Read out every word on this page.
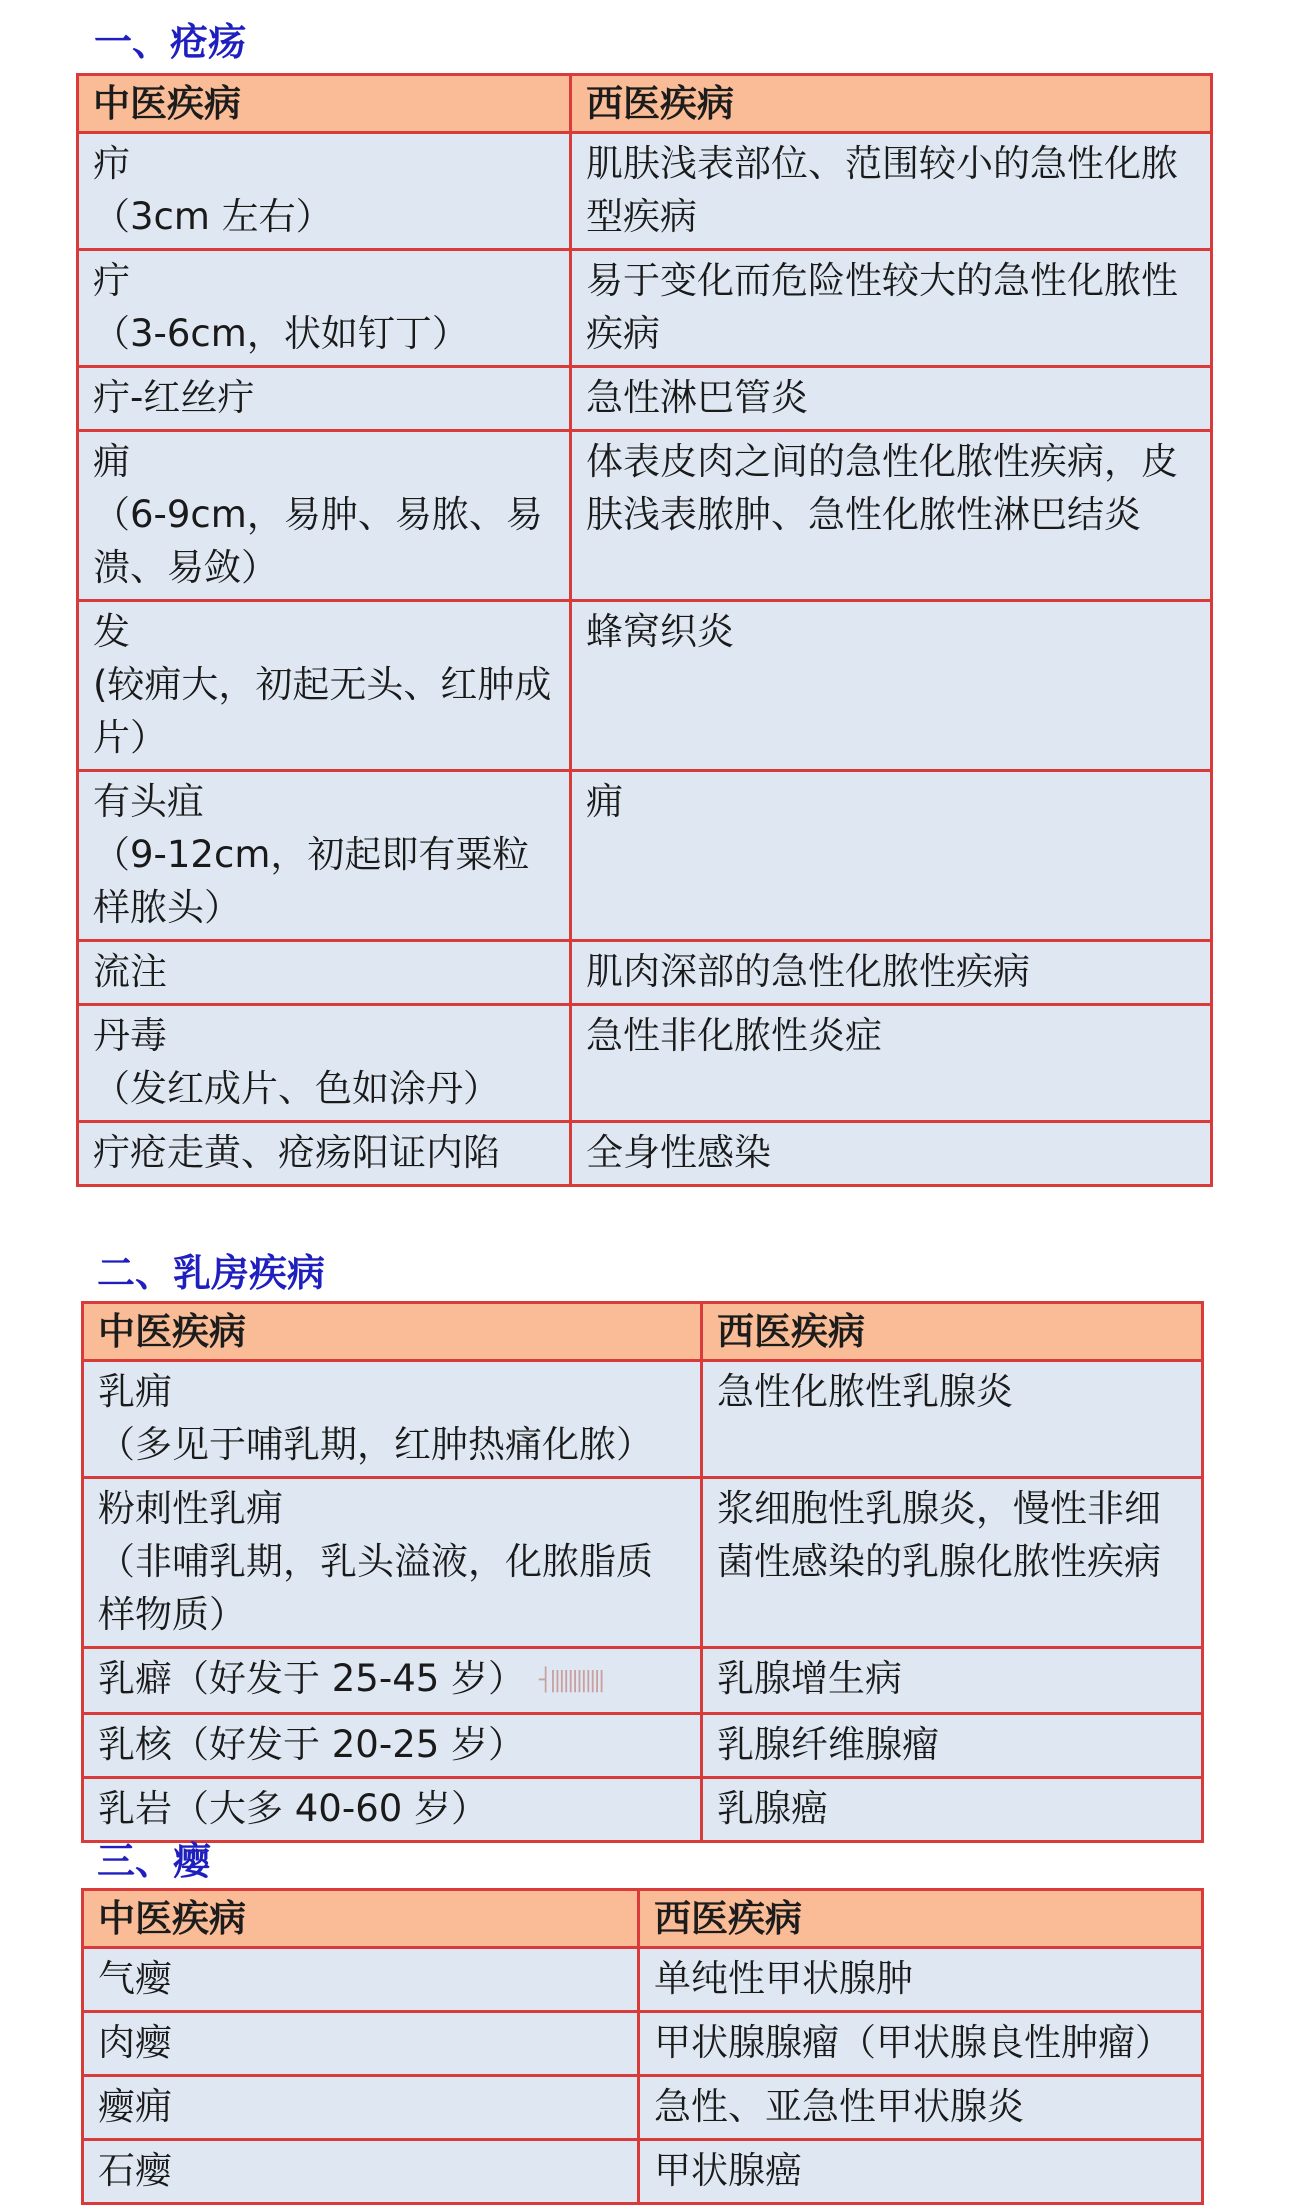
一、疮疡
中医疾病	西医疾病

疖
（3cm 左右）	肌肤浅表部位、范围较小的急性化脓型疾病

疔
（3-6cm，状如钉丁）	易于变化而危险性较大的急性化脓性疾病

疔-红丝疔	急性淋巴管炎

痈
（6-9cm，易肿、易脓、易溃、易敛）	体表皮肉之间的急性化脓性疾病，皮肤浅表脓肿、急性化脓性淋巴结炎

发
(较痈大，初起无头、红肿成片）	蜂窝织炎

有头疽
（9-12cm，初起即有粟粒样脓头）	痈

流注	肌肉深部的急性化脓性疾病

丹毒
（发红成片、色如涂丹）	急性非化脓性炎症

疔疮走黄、疮疡阳证内陷	全身性感染
二、乳房疾病
中医疾病	西医疾病

乳痈
（多见于哺乳期，红肿热痛化脓）	急性化脓性乳腺炎

粉刺性乳痈
（非哺乳期，乳头溢液，化脓脂质样物质）	浆细胞性乳腺炎，慢性非细菌性感染的乳腺化脓性疾病

乳癖（好发于 25-45 岁） ┤||||||||||||	乳腺增生病

乳核（好发于 20-25 岁）	乳腺纤维腺瘤

乳岩（大多 40-60 岁）	乳腺癌
三、瘿
中医疾病	西医疾病
气瘿	单纯性甲状腺肿
肉瘿	甲状腺腺瘤（甲状腺良性肿瘤）
瘿痈	急性、亚急性甲状腺炎
石瘿	甲状腺癌
